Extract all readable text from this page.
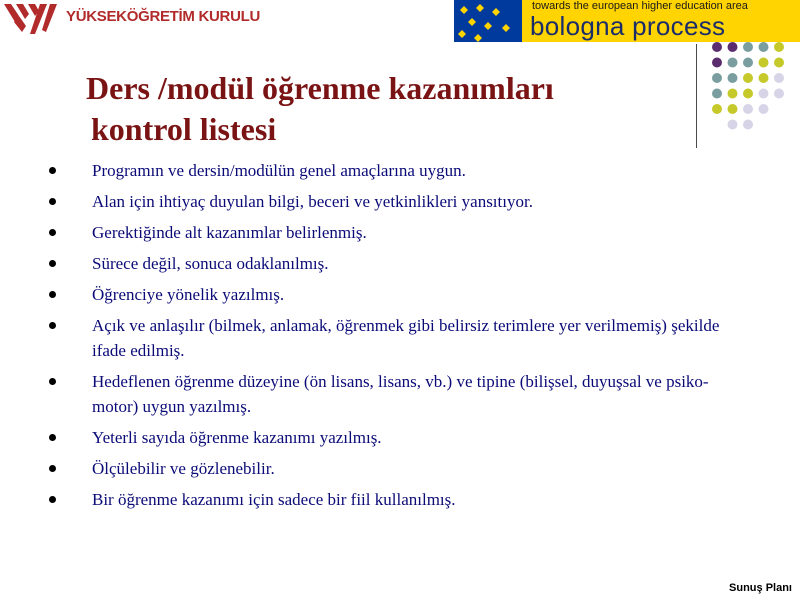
YÜKSEKÖĞRETİM KURULU
towards the european higher education area
bologna process
Ders /modül öğrenme kazanımları
kontrol listesi
Programın ve dersin/modülün genel amaçlarına uygun.
Alan için ihtiyaç duyulan bilgi, beceri ve yetkinlikleri yansıtıyor.
Gerektiğinde alt kazanımlar belirlenmiş.
Sürece değil, sonuca odaklanılmış.
Öğrenciye yönelik yazılmış.
Açık ve anlaşılır (bilmek, anlamak, öğrenmek gibi belirsiz terimlere yer verilmemiş) şekilde ifade edilmiş.
Hedeflenen öğrenme düzeyine (ön lisans, lisans, vb.) ve tipine (bilişsel, duyuşsal ve psiko-motor) uygun yazılmış.
Yeterli sayıda öğrenme kazanımı yazılmış.
Ölçülebilir ve gözlenebilir.
Bir öğrenme kazanımı için sadece bir fiil kullanılmış.
Sunuş Planı
